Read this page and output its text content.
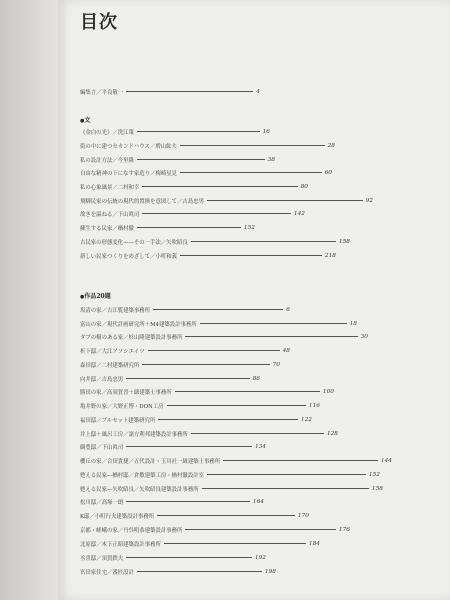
目次
編集言／平良敬一	4
●文
《金白の光》／洗江策	16
街の中に建つセカンドハウス／増山紘夫	28
私の設計方法／今里隆	38
自由な精神の下になす家造り／梅崎星見	60
私の心象風景／二村和幸	80
飛騨民家の伝統の現代的置換を意図して／吉島忠男	92
故きを温ねる／下山眞司	142
蘇生する民家／楢村徹	152
古民家の形態変化——その一手法／矢吹昭良	158
新しい民家つくりをめざして／小町和義	218
●作品20題
坂清の家／吉江覧建築事務所	6
富山の家／現代計画研究所＋M4建築設計事務所	18
タブの樹のある家／杉山隆建築設計事務所	30
折下邸／大江アソシエイツ	48
森田邸／二村建築研究所	70
向井邸／吉島忠男	86
勝田の家／高須賀晋＋細建築士事務所	100
亀井野の家／大野正博・DON工房	116
福田邸／ブルセット建築研究所	122
井上邸＋風呂工房／諸方利邦建築設計事務所	128
観豊邸／下山眞司	134
櫻丘の家／合田貴捷／五代設計・玉川社一級建築士事務所	144
甦える民家—楢村邸／倉敷建築工房・楢村徹設計室	152
甦える民家—矢吹昭良／矢吹昭良建築設計事務所	158
松川邸／高塚一朗	164
K邸／小町行夫建築設計事務所	170
京都・嵯峨の家／丹呉明恭建築設計事務所	176
北原邸／木下正昭建築設計事務所	184
丞喜邸／須賀鉄夫	192
宮田家住宅／番匠設計	198
